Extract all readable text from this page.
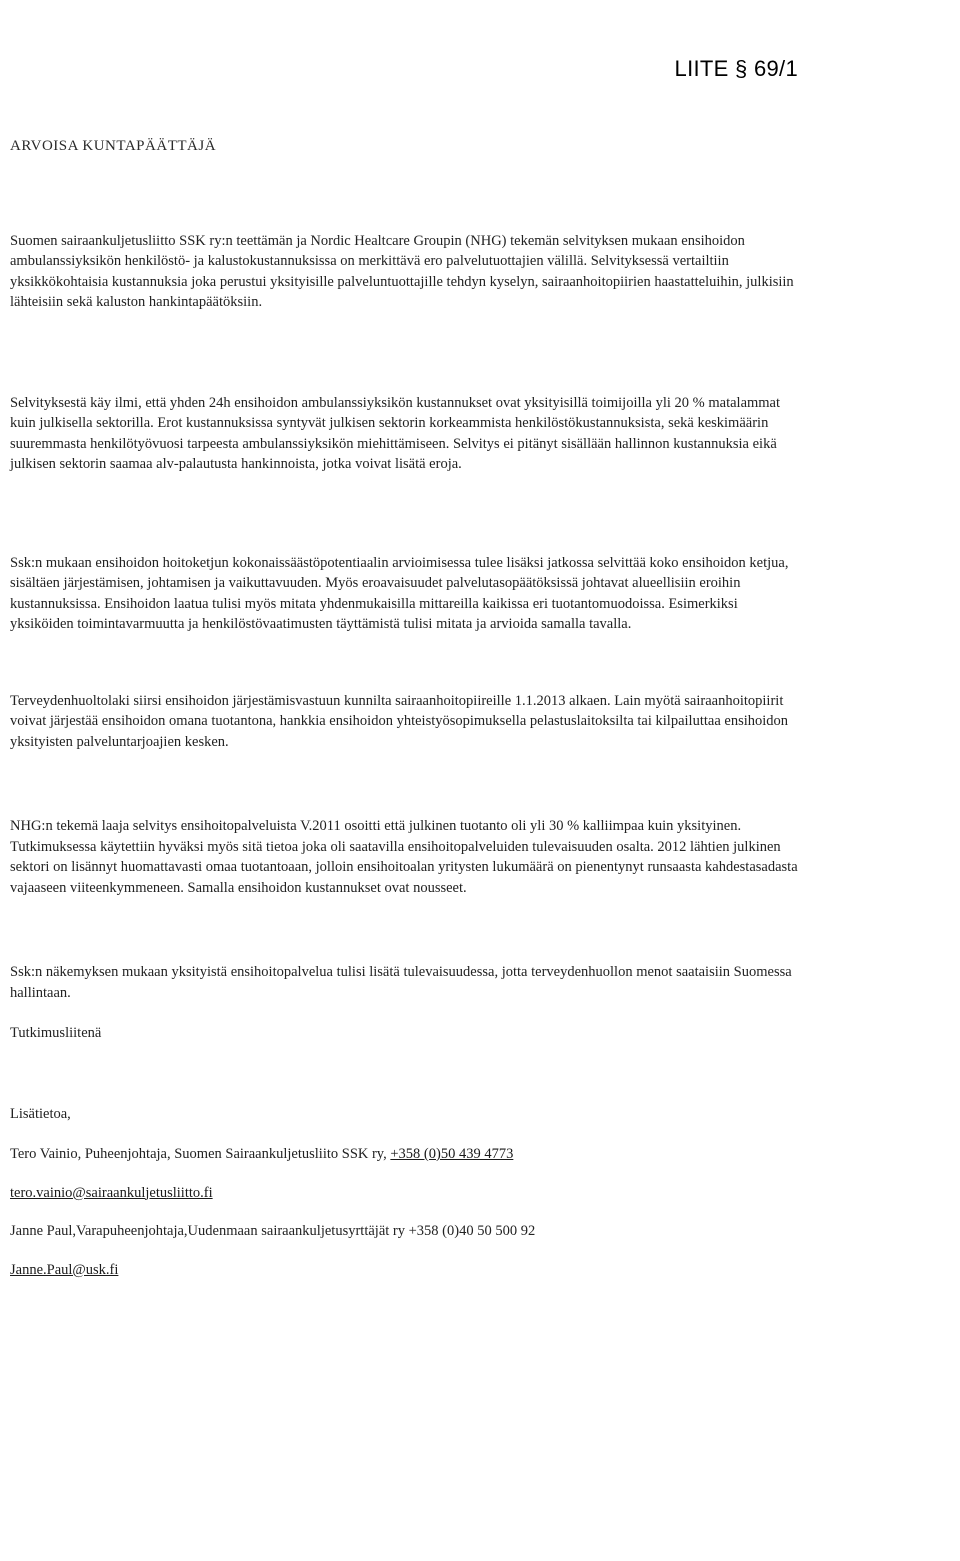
LIITE § 69/1
ARVOISA KUNTAPÄÄTTÄJÄ

Suomen sairaankuljetusliitto SSK ry:n teettämän ja Nordic Healtcare Groupin (NHG) tekemän selvityksen mukaan ensihoidon ambulanssiyksikön henkilöstö- ja kalustokustannuksissa on merkittävä ero palvelutuottajien välillä. Selvityksessä vertailtiin yksikkökohtaisia kustannuksia joka perustui yksityisille palveluntuottajille tehdyn kyselyn, sairaanhoitopiirien haastatteluihin, julkisiin lähteisiin sekä kaluston hankintapäätöksiin.

Selvityksestä käy ilmi, että yhden 24h ensihoidon ambulanssiyksikön kustannukset ovat yksityisillä toimijoilla yli 20 % matalammat kuin julkisella sektorilla. Erot kustannuksissa syntyvät julkisen sektorin korkeammista henkilöstökustannuksista, sekä keskimäärin suuremmasta henkilötyövuosi tarpeesta ambulanssiyksikön miehittämiseen. Selvitys ei pitänyt sisällään hallinnon kustannuksia eikä julkisen sektorin saamaa alv-palautusta hankinnoista, jotka voivat lisätä eroja.

Ssk:n mukaan ensihoidon hoitoketjun kokonaissäästöpotentiaalin arvioimisessa tulee lisäksi jatkossa selvittää koko ensihoidon ketjua, sisältäen järjestämisen, johtamisen ja vaikuttavuuden. Myös eroavaisuudet palvelutasopäätöksissä johtavat alueellisiin eroihin kustannuksissa. Ensihoidon laatua tulisi myös mitata yhdenmukaisilla mittareilla kaikissa eri tuotantomuodoissa. Esimerkiksi yksiköiden toimintavarmuutta ja henkilöstövaatimusten täyttämistä tulisi mitata ja arvioida samalla tavalla.

Terveydenhuoltolaki siirsi ensihoidon järjestämisvastuun kunnilta sairaanhoitopiireille 1.1.2013 alkaen. Lain myötä sairaanhoitopiirit voivat järjestää ensihoidon omana tuotantona, hankkia ensihoidon yhteistyösopimuksella pelastuslaitoksilta tai kilpailuttaa ensihoidon yksityisten palveluntarjoajien kesken.

NHG:n tekemä laaja selvitys ensihoitopalveluista V.2011 osoitti että julkinen tuotanto oli yli 30 % kalliimpaa kuin yksityinen. Tutkimuksessa käytettiin hyväksi myös sitä tietoa joka oli saatavilla ensihoitopalveluiden tulevaisuuden osalta. 2012 lähtien julkinen sektori on lisännyt huomattavasti omaa tuotantoaan, jolloin ensihoitoalan yritysten lukumäärä on pienentynyt runsaasta kahdestasadasta vajaaseen viiteenkymmeneen. Samalla ensihoidon kustannukset ovat nousseet.

Ssk:n näkemyksen mukaan yksityistä ensihoitopalvelua tulisi lisätä tulevaisuudessa, jotta terveydenhuollon menot saataisiin Suomessa hallintaan.

Tutkimusliitenä
Lisätietoa,
Tero Vainio, Puheenjohtaja, Suomen Sairaankuljetusliito SSK ry, +358 (0)50 439 4773
tero.vainio@sairaankuljetusliitto.fi
Janne Paul,Varapuheenjohtaja,Uudenmaan sairaankuljetusyrttäjät ry +358 (0)40 50 500 92
Janne.Paul@usk.fi
